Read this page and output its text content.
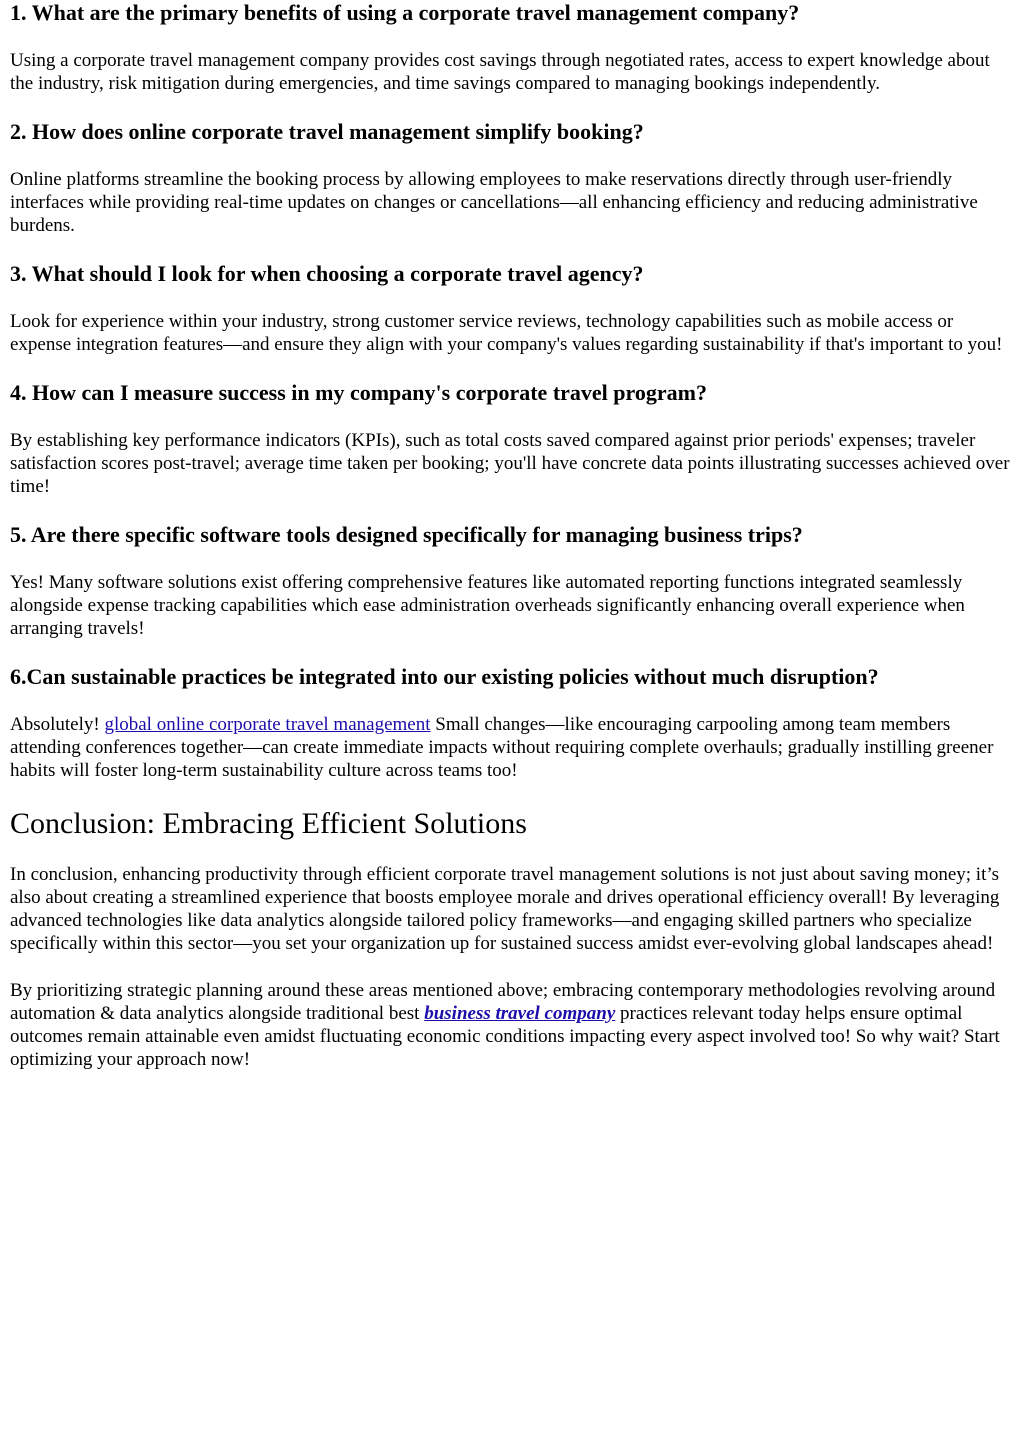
1. What are the primary benefits of using a corporate travel management company?

Using a corporate travel management company provides cost savings through negotiated rates, access to expert knowledge about the industry, risk mitigation during emergencies, and time savings compared to managing bookings independently.

2. How does online corporate travel management simplify booking?

Online platforms streamline the booking process by allowing employees to make reservations directly through user-friendly interfaces while providing real-time updates on changes or cancellations—all enhancing efficiency and reducing administrative burdens.

3. What should I look for when choosing a corporate travel agency?

Look for experience within your industry, strong customer service reviews, technology capabilities such as mobile access or expense integration features—and ensure they align with your company's values regarding sustainability if that's important to you!

4. How can I measure success in my company's corporate travel program?

By establishing key performance indicators (KPIs), such as total costs saved compared against prior periods' expenses; traveler satisfaction scores post-travel; average time taken per booking; you'll have concrete data points illustrating successes achieved over time!

5. Are there specific software tools designed specifically for managing business trips?

Yes! Many software solutions exist offering comprehensive features like automated reporting functions integrated seamlessly alongside expense tracking capabilities which ease administration overheads significantly enhancing overall experience when arranging travels!

6.Can sustainable practices be integrated into our existing policies without much disruption?

Absolutely! global online corporate travel management Small changes—like encouraging carpooling among team members attending conferences together—can create immediate impacts without requiring complete overhauls; gradually instilling greener habits will foster long-term sustainability culture across teams too!

Conclusion: Embracing Efficient Solutions

In conclusion, enhancing productivity through efficient corporate travel management solutions is not just about saving money; it’s also about creating a streamlined experience that boosts employee morale and drives operational efficiency overall! By leveraging advanced technologies like data analytics alongside tailored policy frameworks—and engaging skilled partners who specialize specifically within this sector—you set your organization up for sustained success amidst ever-evolving global landscapes ahead!

By prioritizing strategic planning around these areas mentioned above; embracing contemporary methodologies revolving around automation & data analytics alongside traditional best business travel company practices relevant today helps ensure optimal outcomes remain attainable even amidst fluctuating economic conditions impacting every aspect involved too! So why wait? Start optimizing your approach now!
